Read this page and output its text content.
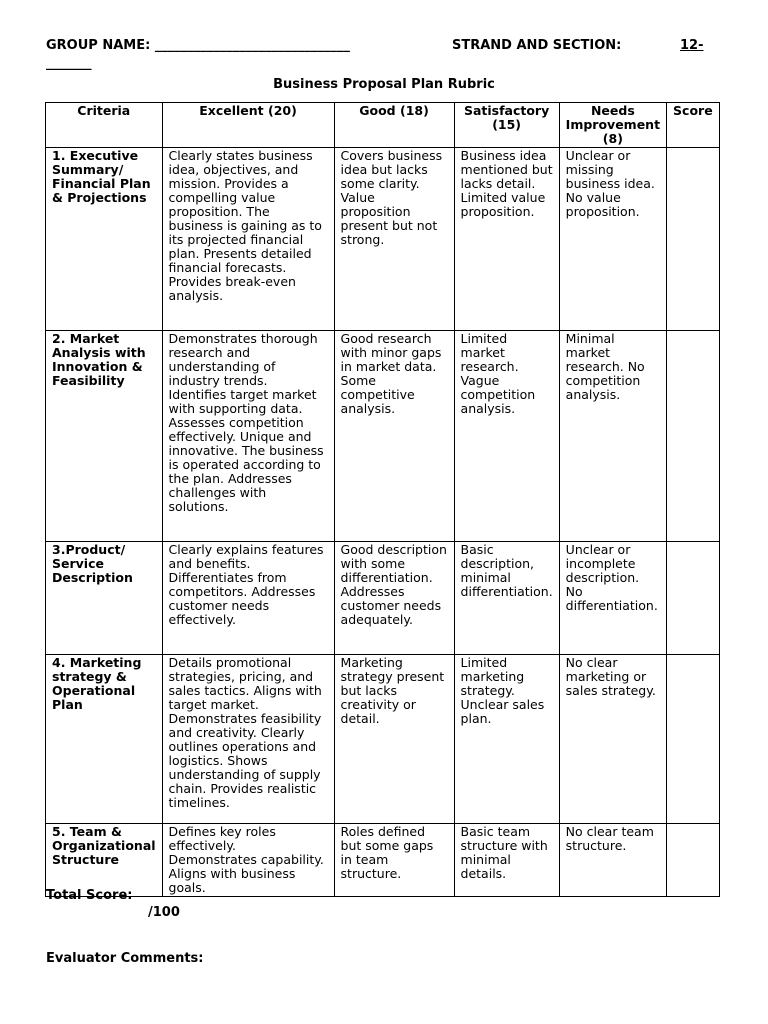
GROUP NAME: ______________________________	STRAND AND SECTION:	12-
_______
Business Proposal Plan Rubric
Criteria	Excellent (20)	Good (18)	Satisfactory (15)	Needs Improvement (8)	Score
1. Executive Summary/ Financial Plan & Projections	Clearly states business idea, objectives, and mission. Provides a compelling value proposition. The business is gaining as to its projected financial plan. Presents detailed financial forecasts. Provides break-even analysis.	Covers business idea but lacks some clarity. Value proposition present but not strong.	Business idea mentioned but lacks detail. Limited value proposition.	Unclear or missing business idea. No value proposition.	
2. Market Analysis with Innovation & Feasibility	Demonstrates thorough research and understanding of industry trends. Identifies target market with supporting data. Assesses competition effectively. Unique and innovative. The business is operated according to the plan. Addresses challenges with solutions.	Good research with minor gaps in market data. Some competitive analysis.	Limited market research. Vague competition analysis.	Minimal market research. No competition analysis.	
3.Product/ Service Description	Clearly explains features and benefits. Differentiates from competitors. Addresses customer needs effectively.	Good description with some differentiation. Addresses customer needs adequately.	Basic description, minimal differentiation.	Unclear or incomplete description. No differentiation.	
4. Marketing strategy & Operational Plan	Details promotional strategies, pricing, and sales tactics. Aligns with target market. Demonstrates feasibility and creativity. Clearly outlines operations and logistics. Shows understanding of supply chain. Provides realistic timelines.	Marketing strategy present but lacks creativity or detail.	Limited marketing strategy. Unclear sales plan.	No clear marketing or sales strategy.	
5. Team & Organizational Structure	Defines key roles effectively. Demonstrates capability. Aligns with business goals.	Roles defined but some gaps in team structure.	Basic team structure with minimal details.	No clear team structure.	
Total Score:
/100
Evaluator Comments:
